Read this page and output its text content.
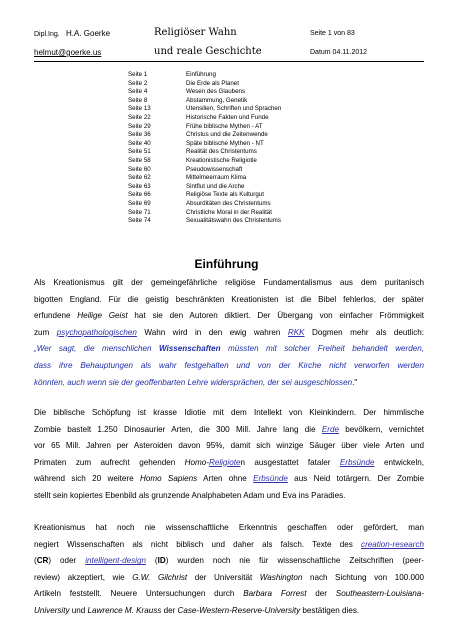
Dipl.Ing. H.A. Goerke	Religiöser Wahn	Seite 1 von 83
helmut@goerke.us	und reale Geschichte	Datum 04.11.2012
Seite 1	Einführung
Seite 2	Die Erde als Planet
Seite 4	Wesen des Glaubens
Seite 8	Abstammung, Genetik
Seite 13	Utensilien, Schriften und Sprachen
Seite 22	Historische Fakten und Funde
Seite 29	Frühe biblische Mythen - AT
Seite 36	Christus und die Zeitenwende
Seite 40	Späte biblische Mythen - NT
Seite 51	Realität des Christentums
Seite 58	Kreationistische Religiotie
Seite 60	Pseudowissenschaft
Seite 62	Mittelmeerraum Klima
Seite 63	Sintflut und die Arche
Seite 66	Religiöse Texte als Kulturgut
Seite 69	Absurditäten des Christentums
Seite 71	Christliche Moral in der Realität
Seite 74	Sexualitätswahn des Christentums
Einführung
Als Kreationismus gilt der gemeingefährliche religiöse Fundamentalismus aus dem puritanisch
bigotten England. Für die geistig beschränkten Kreationisten ist die Bibel fehlerlos, der später
erfundene Heilige Geist hat sie den Autoren diktiert. Der Übergang von einfacher Frömmigkeit
zum psychopathologischen Wahn wird in den ewig wahren RKK Dogmen mehr als deutlich:
„Wer sagt, die menschlichen Wissenschaften müssten mit solcher Freiheit behandelt werden,
dass ihre Behauptungen als wahr festgehalten und von der Kirche nicht verworfen werden
könnten, auch wenn sie der geoffenbarten Lehre widersprächen, der sei ausgeschlossen."
Die biblische Schöpfung ist krasse Idiotie mit dem Intellekt von Kleinkindern. Der himmlische
Zombie bastelt 1.250 Dinosaurier Arten, die 300 Mill. Jahre lang die Erde bevölkern, vernichtet
vor 65 Mill. Jahren per Asteroiden davon 95%, damit sich winzige Säuger über viele Arten und
Primaten zum aufrecht gehenden Homo-Religioten ausgestattet fataler Erbsünde entwickeln,
während sich 20 weitere Homo Sapiens Arten ohne Erbsünde aus Neid totärgern. Der Zombie
stellt sein kopiertes Ebenbild als grunzende Analphabeten Adam und Eva ins Paradies.
Kreationismus hat noch nie wissenschaftliche Erkenntnis geschaffen oder gefördert, man
negiert Wissenschaften als nicht biblisch und daher als falsch. Texte des creation-research
(CR) oder intelligent-design (ID) wurden noch nie für wissenschaftliche Zeitschriften (peer-
review) akzeptiert, wie G.W. Gilchrist der Universität Washington nach Sichtung von 100.000
Artikeln feststellt. Neuere Untersuchungen durch Barbara Forrest der Southeastern-Louisiana-
University und Lawrence M. Krauss der Case-Western-Reserve-University bestätigen dies.
